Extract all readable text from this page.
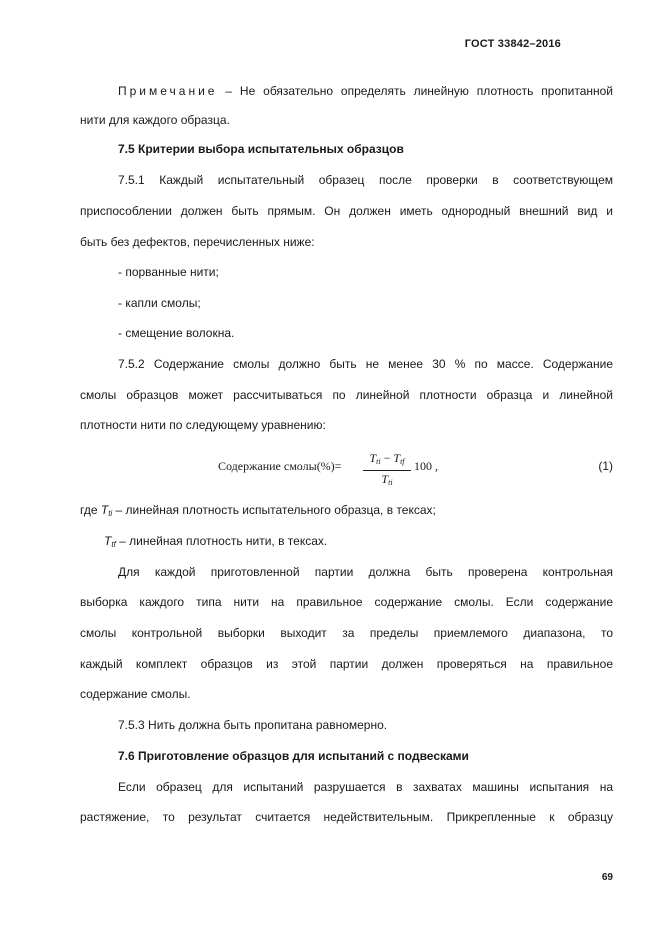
ГОСТ 33842–2016
Примечание – Не обязательно определять линейную плотность пропитанной
нити для каждого образца.
7.5 Критерии выбора испытательных образцов
7.5.1 Каждый испытательный образец после проверки в соответствующем
приспособлении должен быть прямым. Он должен иметь однородный внешний вид и
быть без дефектов, перечисленных ниже:
- порванные нити;
- капли смолы;
- смещение волокна.
7.5.2 Содержание смолы должно быть не менее 30 % по массе. Содержание
смолы образцов может рассчитываться по линейной плотности образца и линейной
плотности нити по следующему уравнению:
Содержание смолы(%)=
$T_{ti} - T_{tf}$
$T_{ti}$
100 ,	(1)
где $T_{ti}$ – линейная плотность испытательного образца, в тексах;
$T_{tf}$ – линейная плотность нити, в тексах.
Для каждой приготовленной партии должна быть проверена контрольная
выборка каждого типа нити на правильное содержание смолы. Если содержание
смолы контрольной выборки выходит за пределы приемлемого диапазона, то
каждый комплект образцов из этой партии должен проверяться на правильное
содержание смолы.
7.5.3 Нить должна быть пропитана равномерно.
7.6 Приготовление образцов для испытаний с подвесками
Если образец для испытаний разрушается в захватах машины испытания на
растяжение, то результат считается недействительным. Прикрепленные к образцу
69
